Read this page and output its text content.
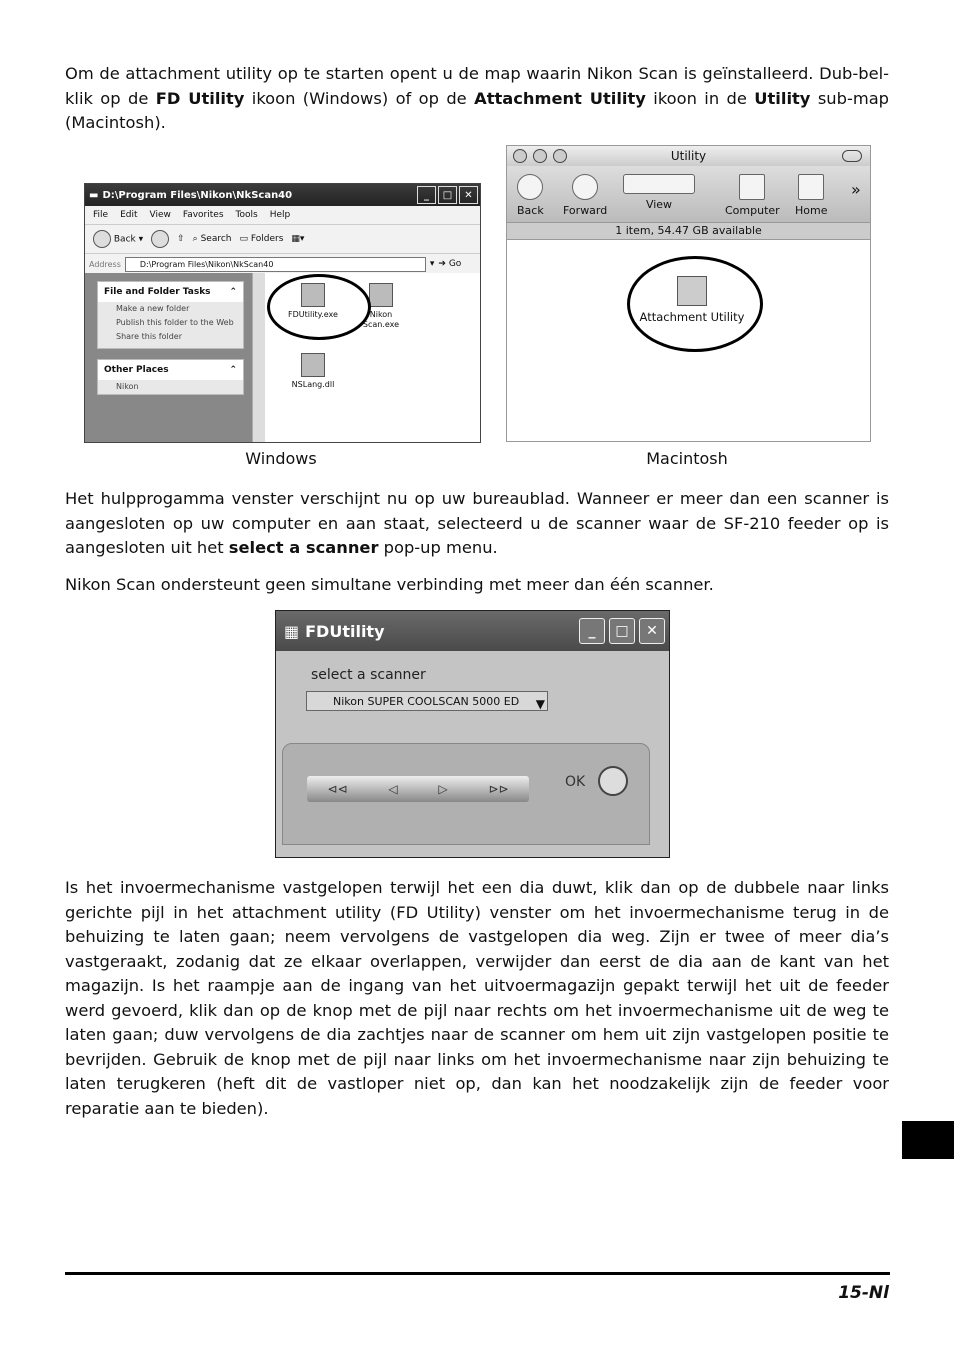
Om de attachment utility op te starten opent u de map waarin Nikon Scan is geïnstalleerd. Dub-bel-klik op de FD Utility ikoon (Windows) of op de Attachment Utility ikoon in de Utility sub-map (Macintosh).

▬ D:\Program Files\Nikon\NkScan40	_	□	✕
File Edit View Favorites Tools Help
Back ▾	⇧ ⌕ Search ▭ Folders ▦▾
Address	D:\Program Files\Nikon\NkScan40	▾ ➔ Go
File and Folder Tasks ⌃
Make a new folder
Publish this folder to the Web
Share this folder
Other Places	⌃
Nikon
FDUtility.exe	Nikon Scan.exe
NSLang.dll
Windows
Utility
Back Forward	View	Computer Home
»
1 item, 54.47 GB available
Attachment Utility
Macintosh

Het hulpprogamma venster verschijnt nu op uw bureaublad. Wanneer er meer dan een scanner is aangesloten op uw computer en aan staat, selecteerd u de scanner waar de SF-210 feeder op is aangesloten uit het select a scanner pop-up menu.

Nikon Scan ondersteunt geen simultane verbinding met meer dan één scanner.

▦ FDUtility	_	□	✕
select a scanner
Nikon SUPER COOLSCAN 5000 ED ▼
⊲⊲	◁	▷	⊳⊳	OK

Is het invoermechanisme vastgelopen terwijl het een dia duwt, klik dan op de dubbele naar links gerichte pijl in het attachment utility (FD Utility) venster om het invoermechanisme terug in de behuizing te laten gaan; neem vervolgens de vastgelopen dia weg. Zijn er twee of meer dia’s vastgeraakt, zodanig dat ze elkaar overlappen, verwijder dan eerst de dia aan de kant van het magazijn. Is het raampje aan de ingang van het uitvoermagazijn gepakt terwijl het uit de feeder werd gevoerd, klik dan op de knop met de pijl naar rechts om het invoermechanisme uit de weg te laten gaan; duw vervolgens de dia zachtjes naar de scanner om hem uit zijn vastgelopen positie te bevrijden. Gebruik de knop met de pijl naar links om het invoermechanisme naar zijn behuizing te laten terugkeren (heft dit de vastloper niet op, dan kan het noodzakelijk zijn de feeder voor reparatie aan te bieden).

15-Nl
